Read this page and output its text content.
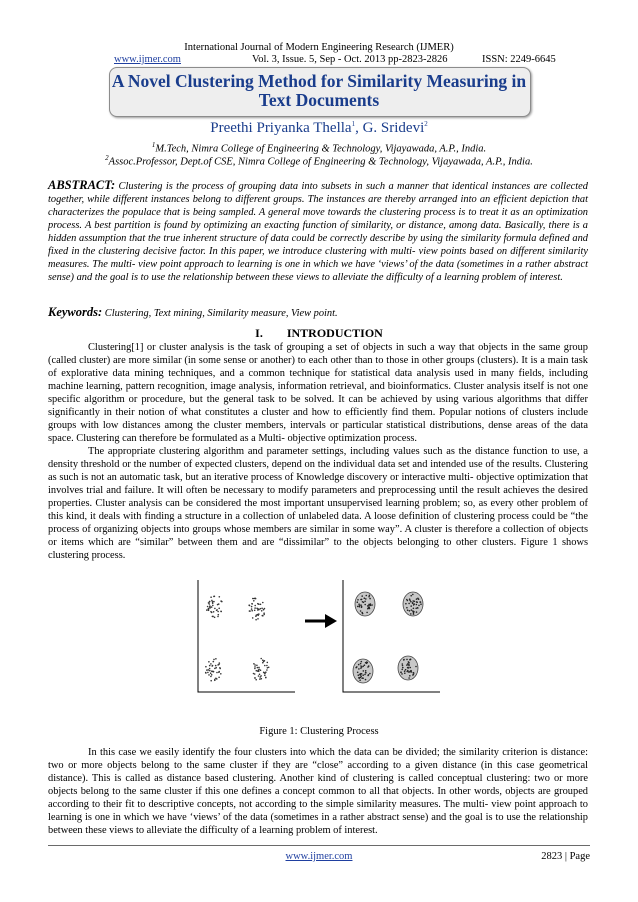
International Journal of Modern Engineering Research (IJMER)
www.ijmer.com	Vol. 3, Issue. 5, Sep - Oct. 2013 pp-2823-2826	ISSN: 2249-6645
A Novel Clustering Method for Similarity Measuring in
Text Documents
Preethi Priyanka Thella$^1$, G. Sridevi$^2$
$^1$M.Tech, Nimra College of Engineering & Technology, Vijayawada, A.P., India.
$^2$Assoc.Professor, Dept.of CSE, Nimra College of Engineering & Technology, Vijayawada, A.P., India.
ABSTRACT: Clustering is the process of grouping data into subsets in such a manner that identical instances are collected together, while different instances belong to different groups. The instances are thereby arranged into an efficient depiction that characterizes the populace that is being sampled. A general move towards the clustering process is to treat it as an optimization process. A best partition is found by optimizing an exacting function of similarity, or distance, among data. Basically, there is a hidden assumption that the true inherent structure of data could be correctly describe by using the similarity formula defined and fixed in the clustering decisive factor. In this paper, we introduce clustering with multi- view points based on different similarity measures. The multi- view point approach to learning is one in which we have ‘views’ of the data (sometimes in a rather abstract sense) and the goal is to use the relationship between these views to alleviate the difficulty of a learning problem of interest.
Keywords: Clustering, Text mining, Similarity measure, View point.
I.        INTRODUCTION

Clustering[1] or cluster analysis is the task of grouping a set of objects in such a way that objects in the same group (called cluster) are more similar (in some sense or another) to each other than to those in other groups (clusters). It is a main task of explorative data mining techniques, and a common technique for statistical data analysis used in many fields, including machine learning, pattern recognition, image analysis, information retrieval, and bioinformatics. Cluster analysis itself is not one specific algorithm or procedure, but the general task to be solved. It can be achieved by using various algorithms that differ significantly in their notion of what constitutes a cluster and how to efficiently find them. Popular notions of clusters include groups with low distances among the cluster members, intervals or particular statistical distributions, dense areas of the data space. Clustering can therefore be formulated as a Multi- objective optimization process.

The appropriate clustering algorithm and parameter settings, including values such as the distance function to use, a density threshold or the number of expected clusters, depend on the individual data set and intended use of the results. Clustering as such is not an automatic task, but an iterative process of Knowledge discovery or interactive multi- objective optimization that involves trial and failure. It will often be necessary to modify parameters and preprocessing until the result achieves the desired properties. Cluster analysis can be considered the most important unsupervised learning problem; so, as every other problem of this kind, it deals with finding a structure in a collection of unlabeled data. A loose definition of clustering process could be “the process of organizing objects into groups whose members are similar in some way”. A cluster is therefore a collection of objects or items which are “similar” between them and are “dissimilar” to the objects belonging to other clusters. Figure 1 shows clustering process.

Figure 1: Clustering Process

In this case we easily identify the four clusters into which the data can be divided; the similarity criterion is distance: two or more objects belong to the same cluster if they are “close” according to a given distance (in this case geometrical distance). This is called as distance based clustering. Another kind of clustering is called conceptual clustering: two or more objects belong to the same cluster if this one defines a concept common to all that objects. In other words, objects are grouped according to their fit to descriptive concepts, not according to the simple similarity measures. The multi- view point approach to learning is one in which we have ‘views’ of the data (sometimes in a rather abstract sense) and the goal is to use the relationship between these views to alleviate the difficulty of a learning problem of interest.

www.ijmer.com	2823 | Page
